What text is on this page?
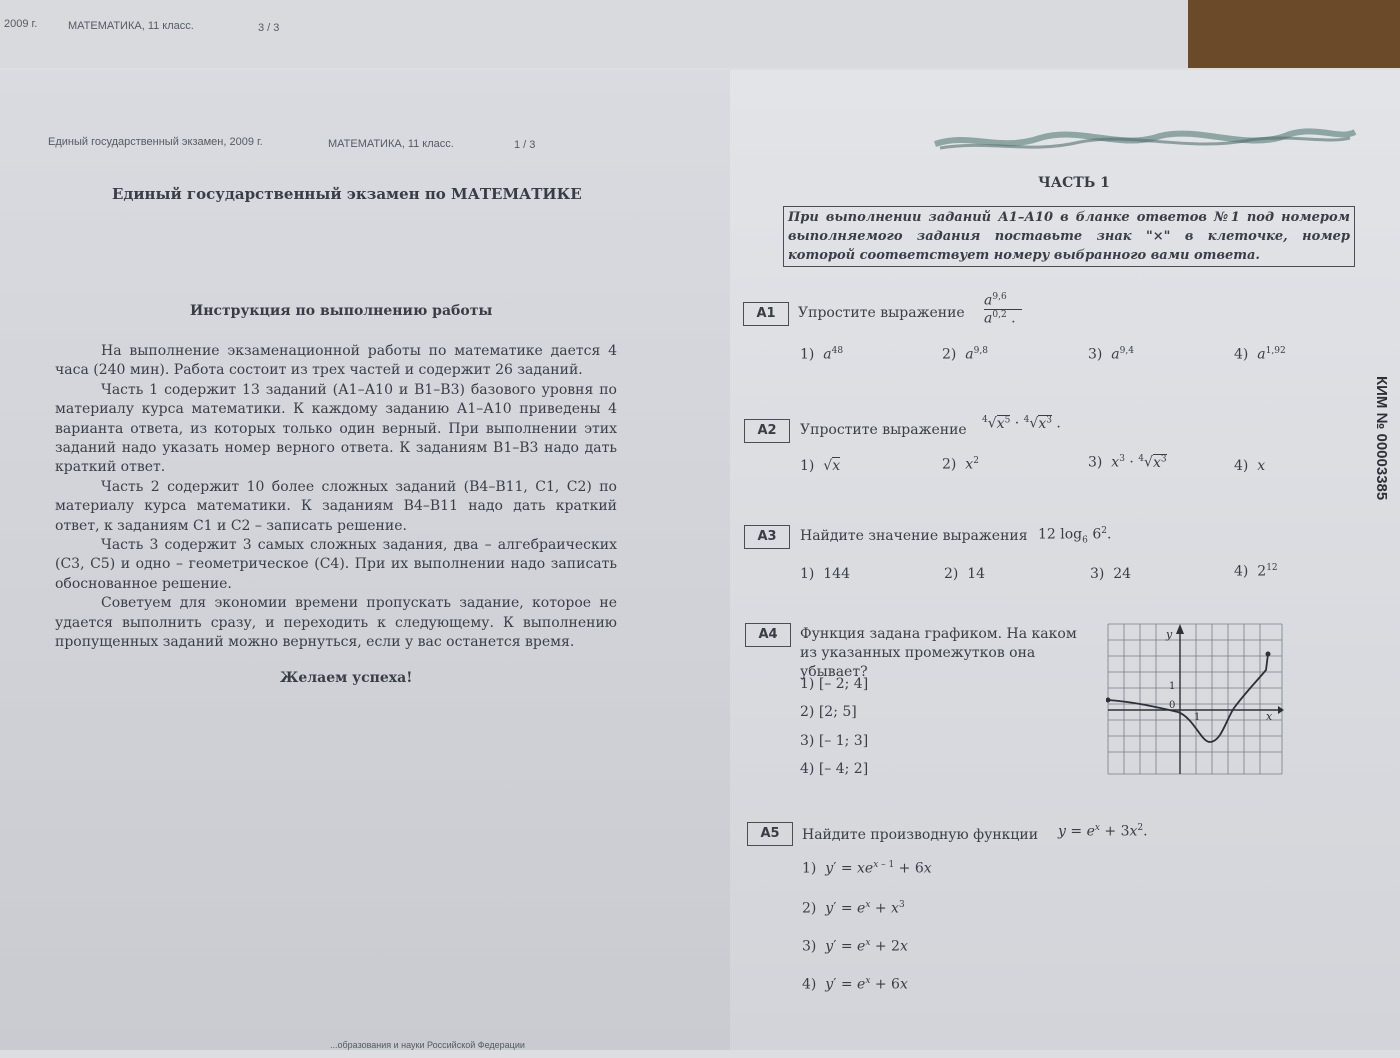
2009 г.	МАТЕМАТИКА, 11 класс.	3 / 3
Единый государственный экзамен, 2009 г.	МАТЕМАТИКА, 11 класс.	1 / 3
Единый государственный экзамен по МАТЕМАТИКЕ
Инструкция по выполнению работы

На выполнение экзаменационной работы по математике дается 4 часа (240 мин). Работа состоит из трех частей и содержит 26 заданий.

Часть 1 содержит 13 заданий (А1–А10 и В1–В3) базового уровня по материалу курса математики. К каждому заданию А1–А10 приведены 4 варианта ответа, из которых только один верный. При выполнении этих заданий надо указать номер верного ответа. К заданиям В1–В3 надо дать краткий ответ.

Часть 2 содержит 10 более сложных заданий (В4–В11, С1, С2) по материалу курса математики. К заданиям В4–В11 надо дать краткий ответ, к заданиям С1 и С2 – записать решение.

Часть 3 содержит 3 самых сложных задания, два – алгебраических (С3, С5) и одно – геометрическое (С4). При их выполнении надо записать обоснованное решение.

Советуем для экономии времени пропускать задание, которое не удается выполнить сразу, и переходить к следующему. К выполнению пропущенных заданий можно вернуться, если у вас останется время.

Желаем успеха!
...образования и науки Российской Федерации
ЧАСТЬ 1
При выполнении заданий А1–А10 в бланке ответов №1 под номером выполняемого задания поставьте знак "×" в клеточке, номер которой соответствует номеру выбранного вами ответа.
КИМ № 00003385
A1	Упростите выражение
$a^{9,6}$
$a^{0,2}$ .
1)  $a^{48}$	2)  $a^{9,8}$	3)  $a^{9,4}$	4)  $a^{1,92}$
A2	Упростите выражение
$^4√x^5 \cdot ^4√x^3$ .
1)  √x	2)  $x^2$	3)  $x^3 \cdot ^4√x^3$	4)  x
A3	Найдите значение выражения 12 $\log_6 6^2$.
1)  144	2)  14	3)  24	4)  $2^{12}$
A4	Функция задана графиком. На каком из указанных промежутков она убывает?
1) [– 2; 4]
2) [2; 5]
3) [– 1; 3]
4) [– 4; 2]
y
x
1
0
1
A5	Найдите производную функции $y = e^x + 3x^2$.
1)  $y' = xe^{x - 1} + 6x$
2)  $y' = e^x + x^3$
3)  $y' = e^x + 2x$
4)  $y' = e^x + 6x$
